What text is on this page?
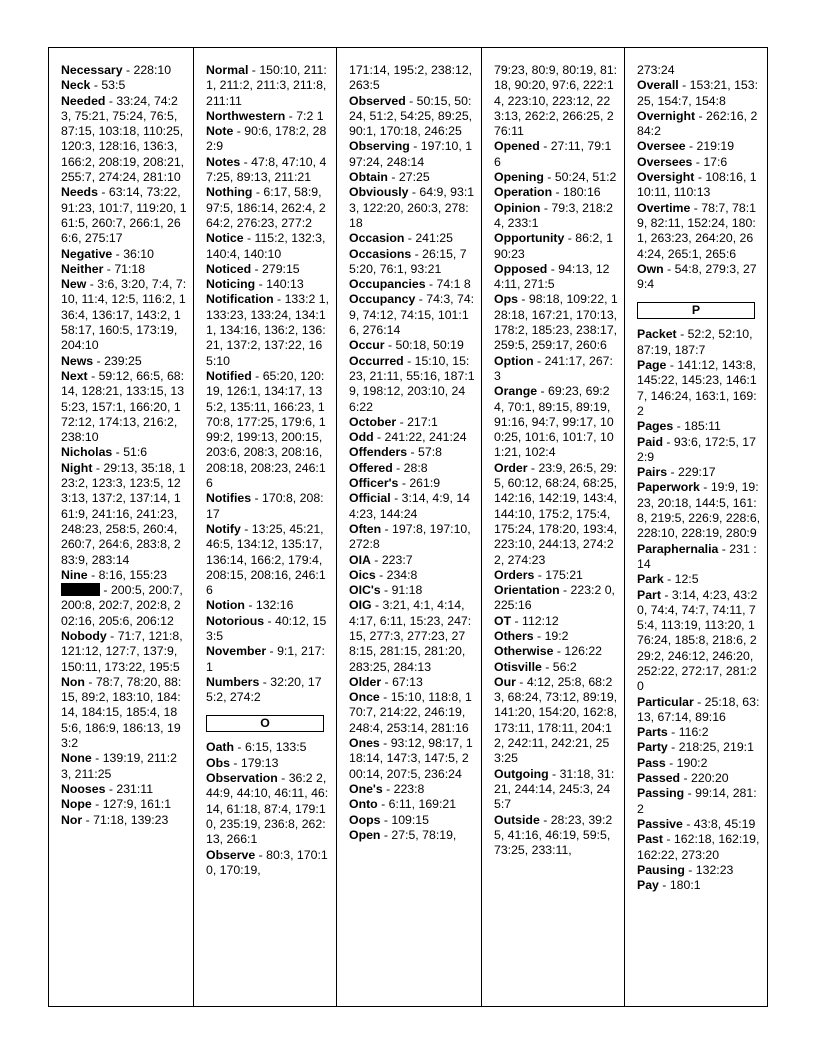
Necessary - 228:10
Neck - 53:5
Needed - 33:24, 74:23, 75:21, 75:24, 76:5, 87:15, 103:18, 110:25, 120:3, 128:16, 136:3, 166:2, 208:19, 208:21, 255:7, 274:24, 281:10
Needs - 63:14, 73:22, 91:23, 101:7, 119:20, 161:5, 260:7, 266:1, 266:6, 275:17
Negative - 36:10
Neither - 71:18
New - 3:6, 3:20, 7:4, 7:10, 11:4, 12:5, 116:2, 136:4, 136:17, 143:2, 158:17, 160:5, 173:19, 204:10
News - 239:25
Next - 59:12, 66:5, 68:14, 128:21, 133:15, 135:23, 157:1, 166:20, 172:12, 174:13, 216:2, 238:10
Nicholas - 51:6
Night - 29:13, 35:18, 123:2, 123:3, 123:5, 123:13, 137:2, 137:14, 161:9, 241:16, 241:23, 248:23, 258:5, 260:4, 260:7, 264:6, 283:8, 283:9, 283:14
Nine - 8:16, 155:23
- 200:5, 200:7, 200:8, 202:7, 202:8, 202:16, 205:6, 206:12
Nobody - 71:7, 121:8, 121:12, 127:7, 137:9, 150:11, 173:22, 195:5
Non - 78:7, 78:20, 88:15, 89:2, 183:10, 184:14, 184:15, 185:4, 185:6, 186:9, 186:13, 193:2
None - 139:19, 211:23, 211:25
Nooses - 231:11
Nope - 127:9, 161:1
Nor - 71:18, 139:23
Normal - 150:10, 211:1, 211:2, 211:3, 211:8, 211:11
Northwestern - 7:2 1
Note - 90:6, 178:2, 282:9
Notes - 47:8, 47:10, 47:25, 89:13, 211:21
Nothing - 6:17, 58:9, 97:5, 186:14, 262:4, 264:2, 276:23, 277:2
Notice - 115:2, 132:3, 140:4, 140:10
Noticed - 279:15
Noticing - 140:13
Notification - 133:2 1, 133:23, 133:24, 134:11, 134:16, 136:2, 136:21, 137:2, 137:22, 165:10
Notified - 65:20, 120:19, 126:1, 134:17, 135:2, 135:11, 166:23, 170:8, 177:25, 179:6, 199:2, 199:13, 200:15, 203:6, 208:3, 208:16, 208:18, 208:23, 246:16
Notifies - 170:8, 208:17
Notify - 13:25, 45:21, 46:5, 134:12, 135:17, 136:14, 166:2, 179:4, 208:15, 208:16, 246:16
Notion - 132:16
Notorious - 40:12, 153:5
November - 9:1, 217:1
Numbers - 32:20, 175:2, 274:2
O
Oath - 6:15, 133:5
Obs - 179:13
Observation - 36:2 2, 44:9, 44:10, 46:11, 46:14, 61:18, 87:4, 179:10, 235:19, 236:8, 262:13, 266:1
Observe - 80:3, 170:10, 170:19,
171:14, 195:2, 238:12, 263:5
Observed - 50:15, 50:24, 51:2, 54:25, 89:25, 90:1, 170:18, 246:25
Observing - 197:10, 197:24, 248:14
Obtain - 27:25
Obviously - 64:9, 93:13, 122:20, 260:3, 278:18
Occasion - 241:25
Occasions - 26:15, 75:20, 76:1, 93:21
Occupancies - 74:1 8
Occupancy - 74:3, 74:9, 74:12, 74:15, 101:16, 276:14
Occur - 50:18, 50:19
Occurred - 15:10, 15:23, 21:11, 55:16, 187:19, 198:12, 203:10, 246:22
October - 217:1
Odd - 241:22, 241:24
Offenders - 57:8
Offered - 28:8
Officer's - 261:9
Official - 3:14, 4:9, 144:23, 144:24
Often - 197:8, 197:10, 272:8
OIA - 223:7
Oics - 234:8
OIC's - 91:18
OIG - 3:21, 4:1, 4:14, 4:17, 6:11, 15:23, 247:15, 277:3, 277:23, 278:15, 281:15, 281:20, 283:25, 284:13
Older - 67:13
Once - 15:10, 118:8, 170:7, 214:22, 246:19, 248:4, 253:14, 281:16
Ones - 93:12, 98:17, 118:14, 147:3, 147:5, 200:14, 207:5, 236:24
One's - 223:8
Onto - 6:11, 169:21
Oops - 109:15
Open - 27:5, 78:19,
79:23, 80:9, 80:19, 81:18, 90:20, 97:6, 222:14, 223:10, 223:12, 223:13, 262:2, 266:25, 276:11
Opened - 27:11, 79:16
Opening - 50:24, 51:2
Operation - 180:16
Opinion - 79:3, 218:24, 233:1
Opportunity - 86:2, 190:23
Opposed - 94:13, 124:11, 271:5
Ops - 98:18, 109:22, 128:18, 167:21, 170:13, 178:2, 185:23, 238:17, 259:5, 259:17, 260:6
Option - 241:17, 267:3
Orange - 69:23, 69:24, 70:1, 89:15, 89:19, 91:16, 94:7, 99:17, 100:25, 101:6, 101:7, 101:21, 102:4
Order - 23:9, 26:5, 29:5, 60:12, 68:24, 68:25, 142:16, 142:19, 143:4, 144:10, 175:2, 175:4, 175:24, 178:20, 193:4, 223:10, 244:13, 274:22, 274:23
Orders - 175:21
Orientation - 223:2 0, 225:16
OT - 112:12
Others - 19:2
Otherwise - 126:22
Otisville - 56:2
Our - 4:12, 25:8, 68:23, 68:24, 73:12, 89:19, 141:20, 154:20, 162:8, 173:11, 178:11, 204:12, 242:11, 242:21, 253:25
Outgoing - 31:18, 31:21, 244:14, 245:3, 245:7
Outside - 28:23, 39:25, 41:16, 46:19, 59:5, 73:25, 233:11,
273:24
Overall - 153:21, 153:25, 154:7, 154:8
Overnight - 262:16, 284:2
Oversee - 219:19
Oversees - 17:6
Oversight - 108:16, 110:11, 110:13
Overtime - 78:7, 78:19, 82:11, 152:24, 180:1, 263:23, 264:20, 264:24, 265:1, 265:6
Own - 54:8, 279:3, 279:4
P
Packet - 52:2, 52:10, 87:19, 187:7
Page - 141:12, 143:8, 145:22, 145:23, 146:17, 146:24, 163:1, 169:2
Pages - 185:11
Paid - 93:6, 172:5, 172:9
Pairs - 229:17
Paperwork - 19:9, 19:23, 20:18, 144:5, 161:8, 219:5, 226:9, 228:6, 228:10, 228:19, 280:9
Paraphernalia - 231 :14
Park - 12:5
Part - 3:14, 4:23, 43:20, 74:4, 74:7, 74:11, 75:4, 113:19, 113:20, 176:24, 185:8, 218:6, 229:2, 246:12, 246:20, 252:22, 272:17, 281:20
Particular - 25:18, 63:13, 67:14, 89:16
Parts - 116:2
Party - 218:25, 219:1
Pass - 190:2
Passed - 220:20
Passing - 99:14, 281:2
Passive - 43:8, 45:19
Past - 162:18, 162:19, 162:22, 273:20
Pausing - 132:23
Pay - 180:1
